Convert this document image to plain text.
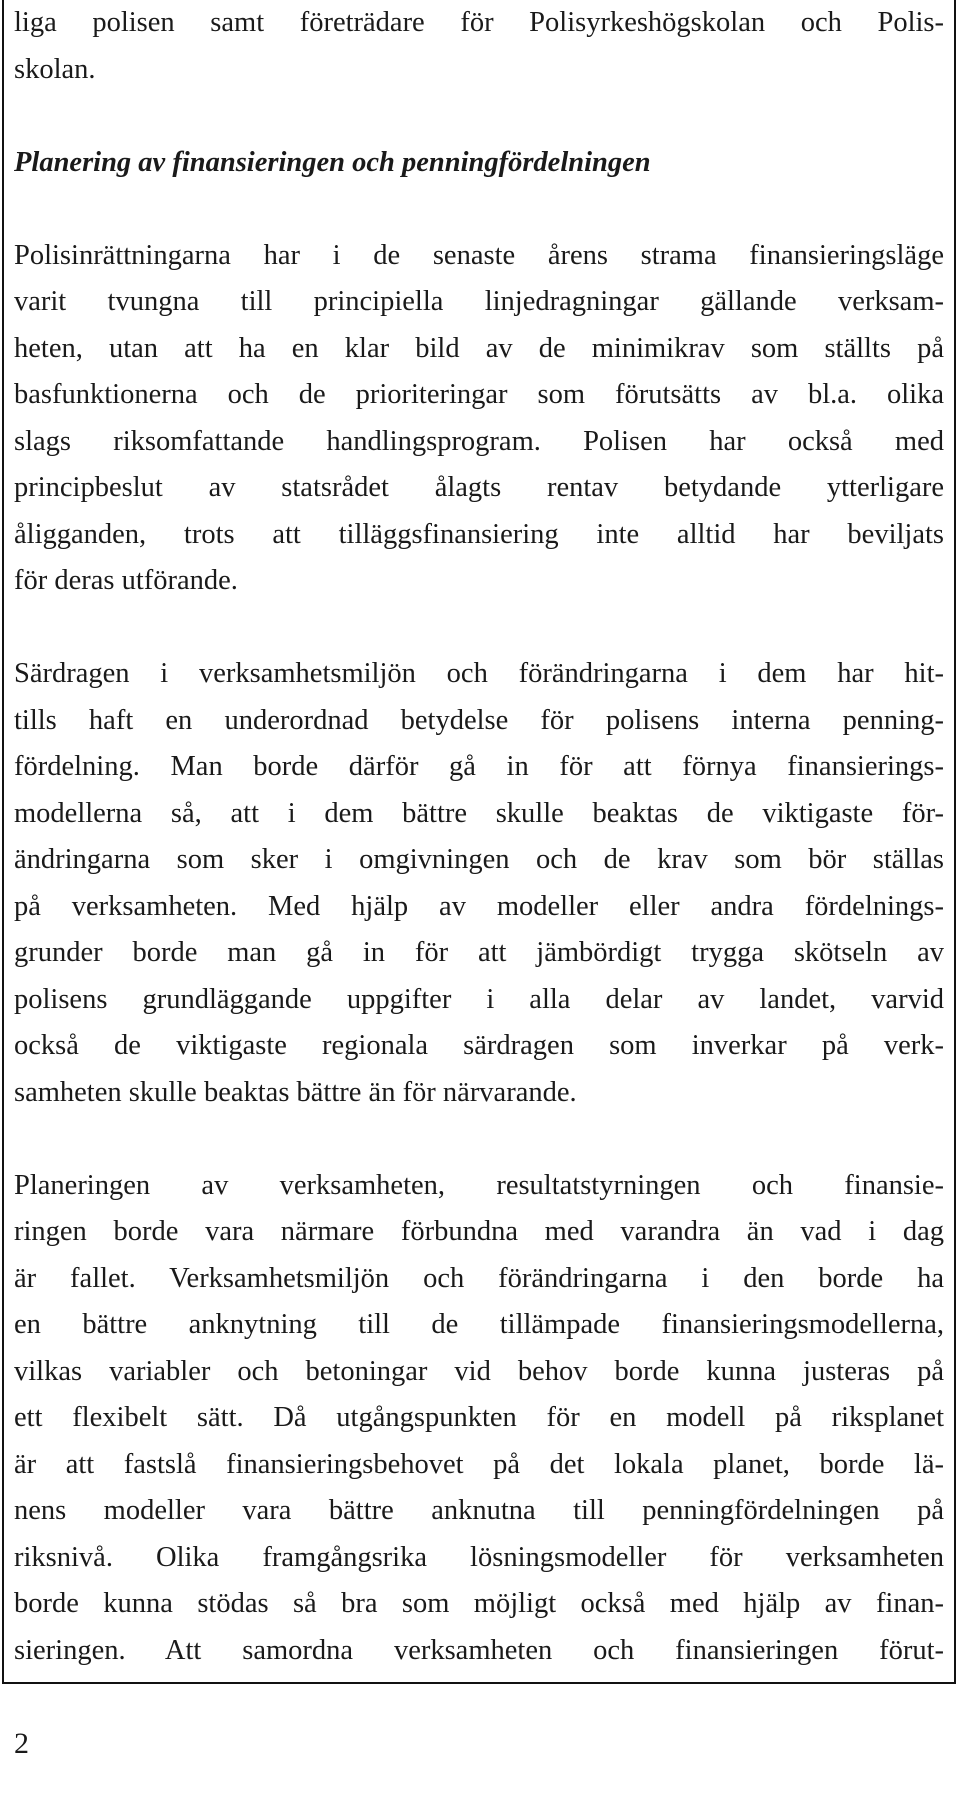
liga polisen samt företrädare för Polisyrkeshögskolan och Polis-
skolan.
Planering av finansieringen och penningfördelningen
Polisinrättningarna har i de senaste årens strama finansieringsläge
varit tvungna till principiella linjedragningar gällande verksam-
heten, utan att ha en klar bild av de minimikrav som ställts på
basfunktionerna och de prioriteringar som förutsätts av bl.a. olika
slags riksomfattande handlingsprogram. Polisen har också med
principbeslut av statsrådet ålagts rentav betydande ytterligare
åligganden, trots att tilläggsfinansiering inte alltid har beviljats
för deras utförande.
Särdragen i verksamhetsmiljön och förändringarna i dem har hit-
tills haft en underordnad betydelse för polisens interna penning-
fördelning. Man borde därför gå in för att förnya finansierings-
modellerna så, att i dem bättre skulle beaktas de viktigaste för-
ändringarna som sker i omgivningen och de krav som bör ställas
på verksamheten. Med hjälp av modeller eller andra fördelnings-
grunder borde man gå in för att jämbördigt trygga skötseln av
polisens grundläggande uppgifter i alla delar av landet, varvid
också de viktigaste regionala särdragen som inverkar på verk-
samheten skulle beaktas bättre än för närvarande.
Planeringen av verksamheten, resultatstyrningen och finansie-
ringen borde vara närmare förbundna med varandra än vad i dag
är fallet. Verksamhetsmiljön och förändringarna i den borde ha
en bättre anknytning till de tillämpade finansieringsmodellerna,
vilkas variabler och betoningar vid behov borde kunna justeras på
ett flexibelt sätt. Då utgångspunkten för en modell på riksplanet
är att fastslå finansieringsbehovet på det lokala planet, borde lä-
nens modeller vara bättre anknutna till penningfördelningen på
riksnivå. Olika framgångsrika lösningsmodeller för verksamheten
borde kunna stödas så bra som möjligt också med hjälp av finan-
sieringen. Att samordna verksamheten och finansieringen förut-
2
